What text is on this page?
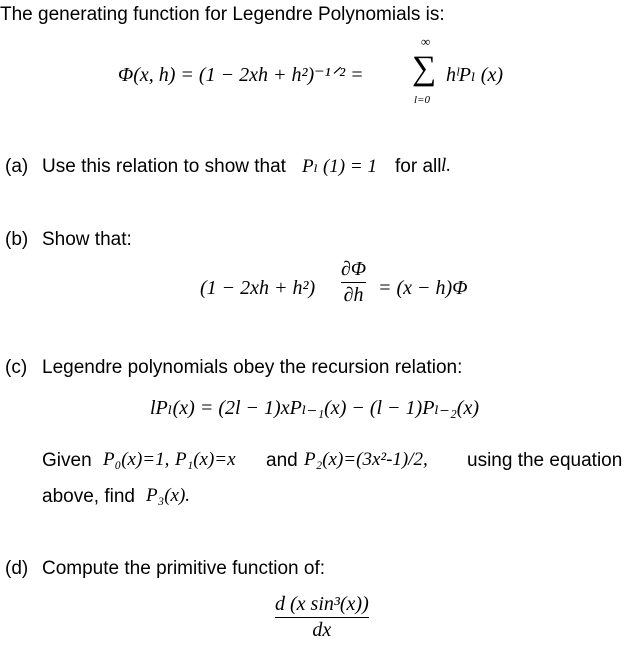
The generating function for Legendre Polynomials is:
Φ(x, h) = (1 − 2xh + h²)⁻¹ᐟ² =
∞
∑
l=0
hˡPₗ (x)
(a) Use this relation to show that Pₗ (1) = 1 for all l.
(b) Show that:
(1 − 2xh + h²)
∂Φ
∂h = (x − h)Φ
(c) Legendre polynomials obey the recursion relation:
lPₗ(x) = (2l − 1)xPₗ₋₁(x) − (l − 1)Pₗ₋₂(x)
Given P₀(x)=1, P₁(x)=x and P₂(x)=(3x²-1)/2, using the equation
above, find P₃(x).
(d) Compute the primitive function of:
d (x sin³(x))
dx
